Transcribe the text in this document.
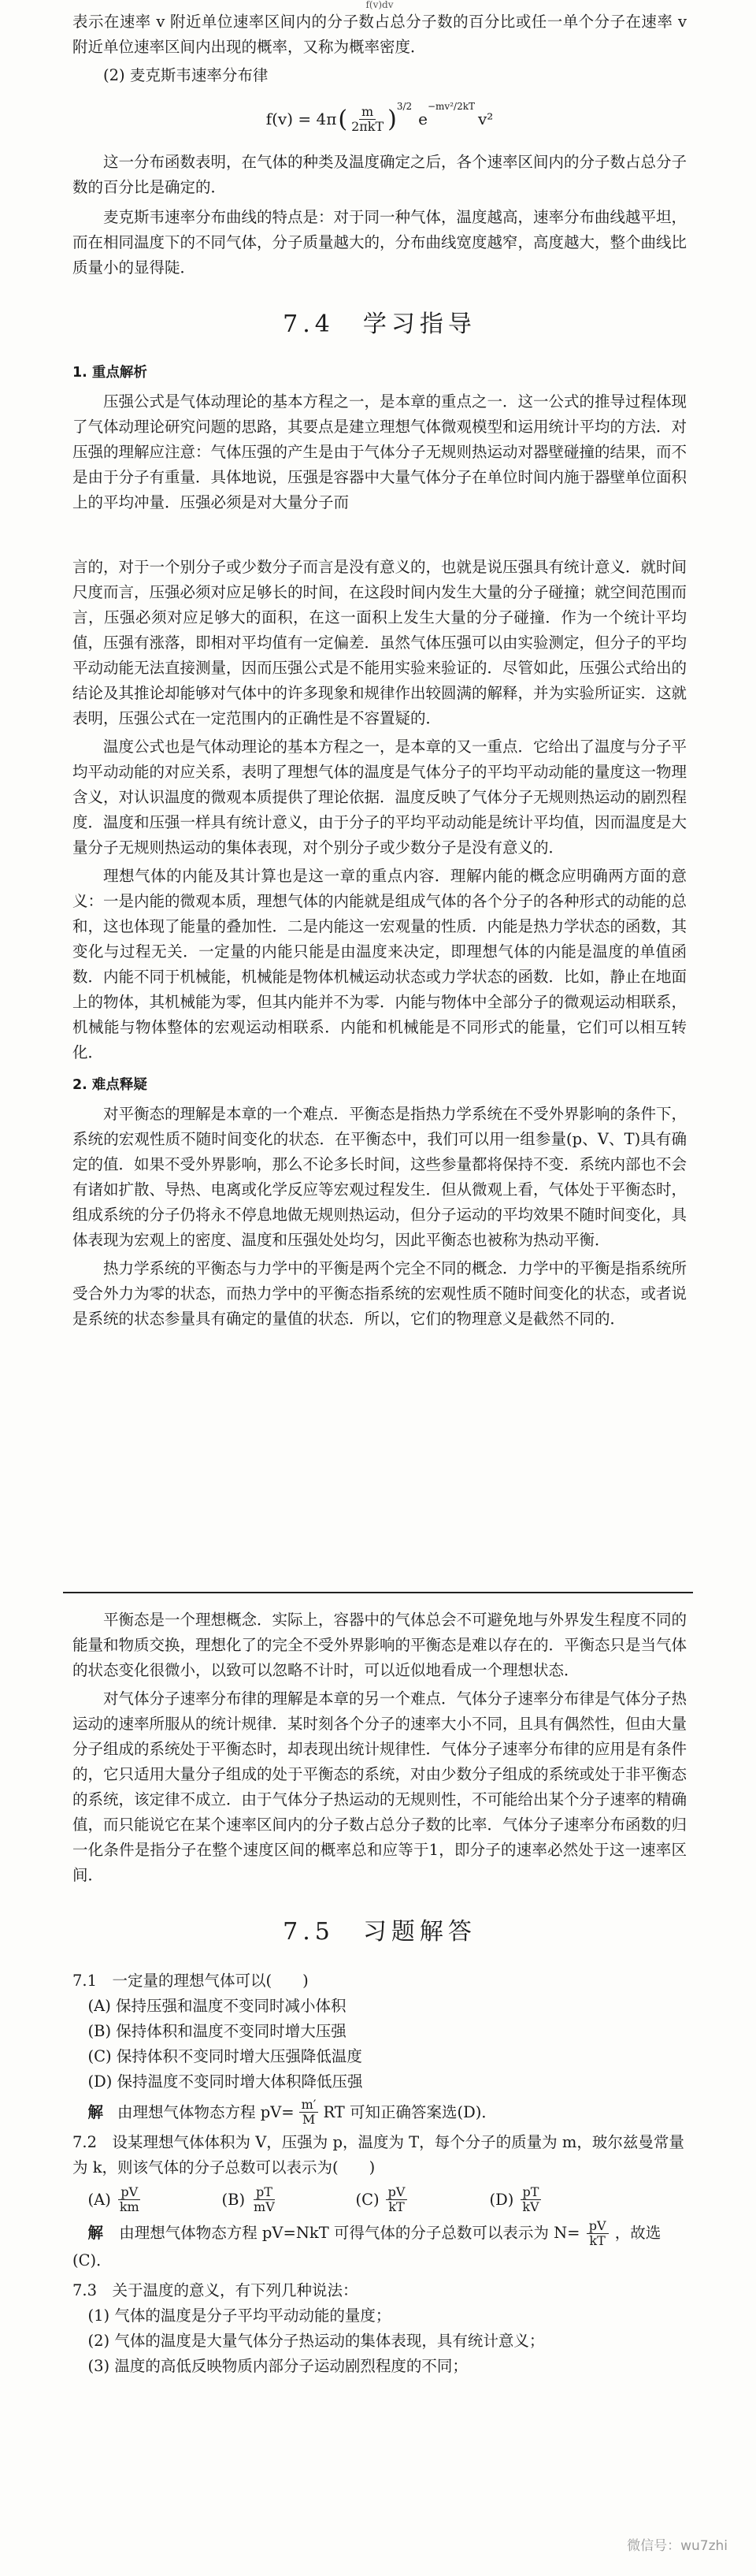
f(v)dv

表示在速率 v 附近单位速率区间内的分子数占总分子数的百分比或任一单个分子在速率 v 附近单位速率区间内出现的概率，又称为概率密度．

(2) 麦克斯韦速率分布律
f(v) = 4π ( $\frac{m}{\text{2πkT}} )^{3/2}$
e
$^{-mv^2/2kT}$
v²

这一分布函数表明，在气体的种类及温度确定之后，各个速率区间内的分子数占总分子数的百分比是确定的．

麦克斯韦速率分布曲线的特点是：对于同一种气体，温度越高，速率分布曲线越平坦，而在相同温度下的不同气体，分子质量越大的，分布曲线宽度越窄，高度越大，整个曲线比质量小的显得陡．

7.4　学习指导
1. 重点解析

压强公式是气体动理论的基本方程之一，是本章的重点之一．这一公式的推导过程体现了气体动理论研究问题的思路，其要点是建立理想气体微观模型和运用统计平均的方法．对压强的理解应注意：气体压强的产生是由于气体分子无规则热运动对器壁碰撞的结果，而不是由于分子有重量．具体地说，压强是容器中大量气体分子在单位时间内施于器壁单位面积上的平均冲量．压强必须是对大量分子而

言的，对于一个别分子或少数分子而言是没有意义的，也就是说压强具有统计意义．就时间尺度而言，压强必须对应足够长的时间，在这段时间内发生大量的分子碰撞；就空间范围而言，压强必须对应足够大的面积，在这一面积上发生大量的分子碰撞．作为一个统计平均值，压强有涨落，即相对平均值有一定偏差．虽然气体压强可以由实验测定，但分子的平均平动动能无法直接测量，因而压强公式是不能用实验来验证的．尽管如此，压强公式给出的结论及其推论却能够对气体中的许多现象和规律作出较圆满的解释，并为实验所证实．这就表明，压强公式在一定范围内的正确性是不容置疑的．

温度公式也是气体动理论的基本方程之一，是本章的又一重点．它给出了温度与分子平均平动动能的对应关系，表明了理想气体的温度是气体分子的平均平动动能的量度这一物理含义，对认识温度的微观本质提供了理论依据．温度反映了气体分子无规则热运动的剧烈程度．温度和压强一样具有统计意义，由于分子的平均平动动能是统计平均值，因而温度是大量分子无规则热运动的集体表现，对个别分子或少数分子是没有意义的．

理想气体的内能及其计算也是这一章的重点内容．理解内能的概念应明确两方面的意义：一是内能的微观本质，理想气体的内能就是组成气体的各个分子的各种形式的动能的总和，这也体现了能量的叠加性．二是内能这一宏观量的性质．内能是热力学状态的函数，其变化与过程无关．一定量的内能只能是由温度来决定，即理想气体的内能是温度的单值函数．内能不同于机械能，机械能是物体机械运动状态或力学状态的函数．比如，静止在地面上的物体，其机械能为零，但其内能并不为零．内能与物体中全部分子的微观运动相联系，机械能与物体整体的宏观运动相联系．内能和机械能是不同形式的能量，它们可以相互转化．

2. 难点释疑

对平衡态的理解是本章的一个难点．平衡态是指热力学系统在不受外界影响的条件下，系统的宏观性质不随时间变化的状态．在平衡态中，我们可以用一组参量(p、V、T)具有确定的值．如果不受外界影响，那么不论多长时间，这些参量都将保持不变．系统内部也不会有诸如扩散、导热、电离或化学反应等宏观过程发生．但从微观上看，气体处于平衡态时，组成系统的分子仍将永不停息地做无规则热运动，但分子运动的平均效果不随时间变化，具体表现为宏观上的密度、温度和压强处处均匀，因此平衡态也被称为热动平衡．

热力学系统的平衡态与力学中的平衡是两个完全不同的概念．力学中的平衡是指系统所受合外力为零的状态，而热力学中的平衡态指系统的宏观性质不随时间变化的状态，或者说是系统的状态参量具有确定的量值的状态．所以，它们的物理意义是截然不同的．

平衡态是一个理想概念．实际上，容器中的气体总会不可避免地与外界发生程度不同的能量和物质交换，理想化了的完全不受外界影响的平衡态是难以存在的．平衡态只是当气体的状态变化很微小，以致可以忽略不计时，可以近似地看成一个理想状态．

对气体分子速率分布律的理解是本章的另一个难点．气体分子速率分布律是气体分子热运动的速率所服从的统计规律．某时刻各个分子的速率大小不同，且具有偶然性，但由大量分子组成的系统处于平衡态时，却表现出统计规律性．气体分子速率分布律的应用是有条件的，它只适用大量分子组成的处于平衡态的系统，对由少数分子组成的系统或处于非平衡态的系统，该定律不成立．由于气体分子热运动的无规则性，不可能给出某个分子速率的精确值，而只能说它在某个速率区间内的分子数占总分子数的比率．气体分子速率分布函数的归一化条件是指分子在整个速度区间的概率总和应等于1，即分子的速率必然处于这一速率区间．

7.5　习题解答
7.1　一定量的理想气体可以(　　)
(A) 保持压强和温度不变同时减小体积
(B) 保持体积和温度不变同时增大压强
(C) 保持体积不变同时增大压强降低温度
(D) 保持温度不变同时增大体积降低压强
解 由理想气体物态方程 $pV= \frac{m'}{M}$ RT 可知正确答案选(D)．
7.2　设某理想气体体积为 V，压强为 p，温度为 T，每个分子的质量为 m，玻尔兹曼常量为 k，则该气体的分子总数可以表示为(　　)
$(A) \frac{pV}{km}$	$(B) \frac{pT}{mV}$	$(C) \frac{pV}{kT}$	$(D) \frac{pT}{kV}$
解 由理想气体物态方程 pV=NkT 可得气体的分子总数可以表示为 $N= \frac{pV}{kT}$ ，故选(C)．
7.3　关于温度的意义，有下列几种说法：
(1) 气体的温度是分子平均平动动能的量度；
(2) 气体的温度是大量气体分子热运动的集体表现，具有统计意义；
(3) 温度的高低反映物质内部分子运动剧烈程度的不同；
微信号：wu7zhi
